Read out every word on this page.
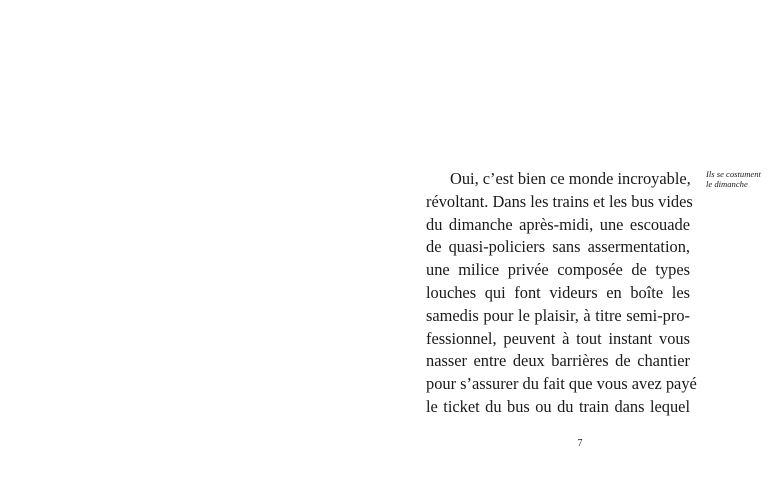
Oui, c’est bien ce monde incroyable,
révoltant. Dans les trains et les bus vides
du dimanche après-midi, une escouade
de quasi-policiers sans assermentation,
une milice privée composée de types
louches qui font videurs en boîte les
samedis pour le plaisir, à titre semi-pro-
fessionnel, peuvent à tout instant vous
nasser entre deux barrières de chantier
pour s’assurer du fait que vous avez payé
le ticket du bus ou du train dans lequel
Ils se costument
le dimanche
7
